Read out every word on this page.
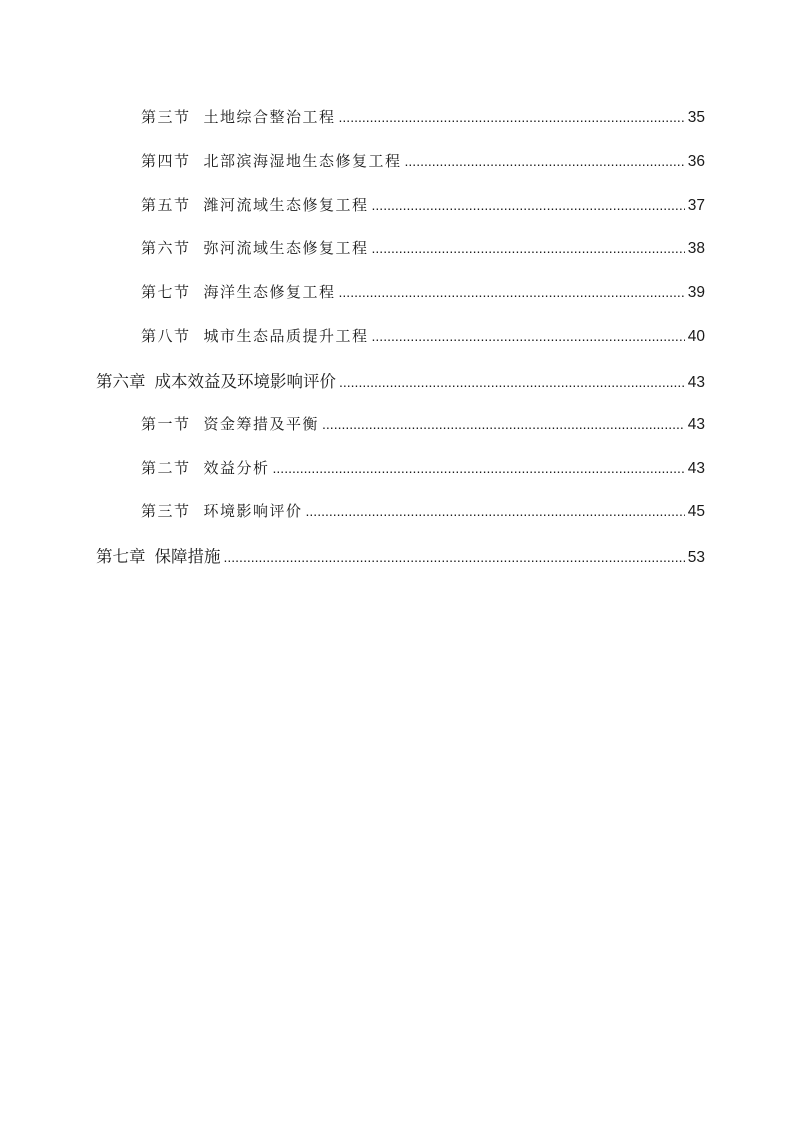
第三节 土地综合整治工程 .....	35
第四节 北部滨海湿地生态修复工程 .....	36
第五节 潍河流域生态修复工程 .....	37
第六节 弥河流域生态修复工程 .....	38
第七节 海洋生态修复工程 .....	39
第八节 城市生态品质提升工程 .....	40
第六章 成本效益及环境影响评价 .....	43
第一节 资金筹措及平衡 .....	43
第二节 效益分析 .....	43
第三节 环境影响评价 .....	45
第七章 保障措施 .....	53
